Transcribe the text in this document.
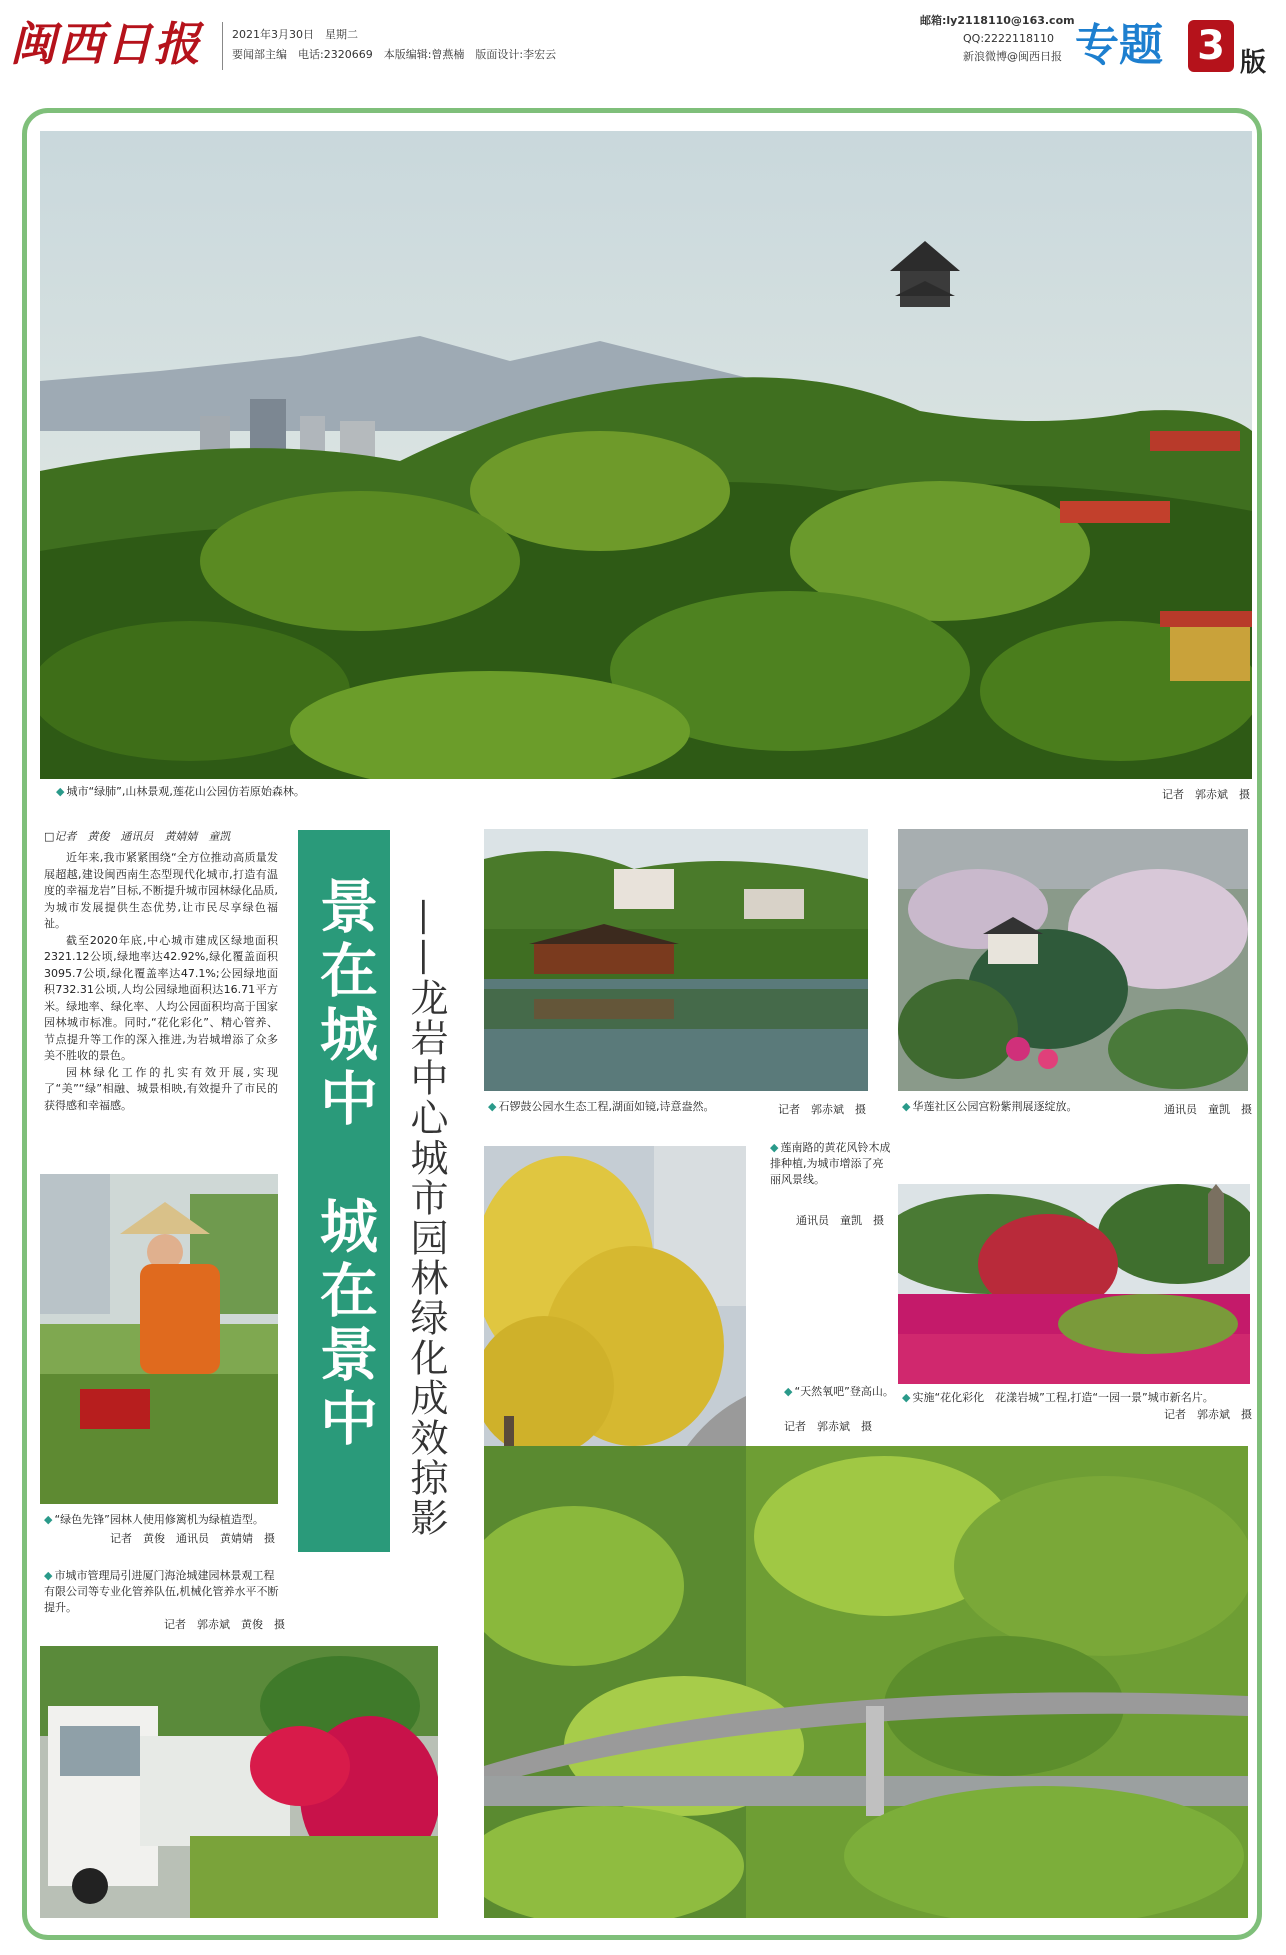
闽西日报	2021年3月30日　星期二
要闻部主编　电话:2320669　本版编辑:曾燕楠　版面设计:李宏云
邮箱:ly2118110@163.com
QQ:2222118110
新浪微博@闽西日报 专题 3 版
◆ 城市“绿肺”,山林景观,莲花山公园仿若原始森林。	记者　郭赤斌　摄
□记者　黄俊　通讯员　黄婧婧　童凯

近年来,我市紧紧围绕“全方位推动高质量发展超越,建设闽西南生态型现代化城市,打造有温度的幸福龙岩”目标,不断提升城市园林绿化品质,为城市发展提供生态优势,让市民尽享绿色福祉。

截至2020年底,中心城市建成区绿地面积2321.12公顷,绿地率达42.92%,绿化覆盖面积3095.7公顷,绿化覆盖率达47.1%;公园绿地面积732.31公顷,人均公园绿地面积达16.71平方米。绿地率、绿化率、人均公园面积均高于国家园林城市标准。同时,“花化彩化”、精心管养、节点提升等工作的深入推进,为岩城增添了众多美不胜收的景色。

园林绿化工作的扎实有效开展,实现了“美”“绿”相融、城景相映,有效提升了市民的获得感和幸福感。	景在城中　城在景中 ——龙岩中心城市园林绿化成效掠影
◆ “绿色先锋”园林人使用修篱机为绿植造型。
记者　黄俊　通讯员　黄婧婧　摄
◆ 市城市管理局引进厦门海沧城建园林景观工程有限公司等专业化管养队伍,机械化管养水平不断提升。
记者　郭赤斌　黄俊　摄
◆ 石锣鼓公园水生态工程,湖面如镜,诗意盎然。	记者　郭赤斌　摄	◆ 华莲社区公园宫粉紫荆展逐绽放。	通讯员　童凯　摄
◆ 莲南路的黄花风铃木成排种植,为城市增添了亮丽风景线。
通讯员　童凯　摄
◆ 实施“花化彩化　花漾岩城”工程,打造“一园一景”城市新名片。
记者　郭赤斌　摄
◆ “天然氧吧”登高山。
记者　郭赤斌　摄
